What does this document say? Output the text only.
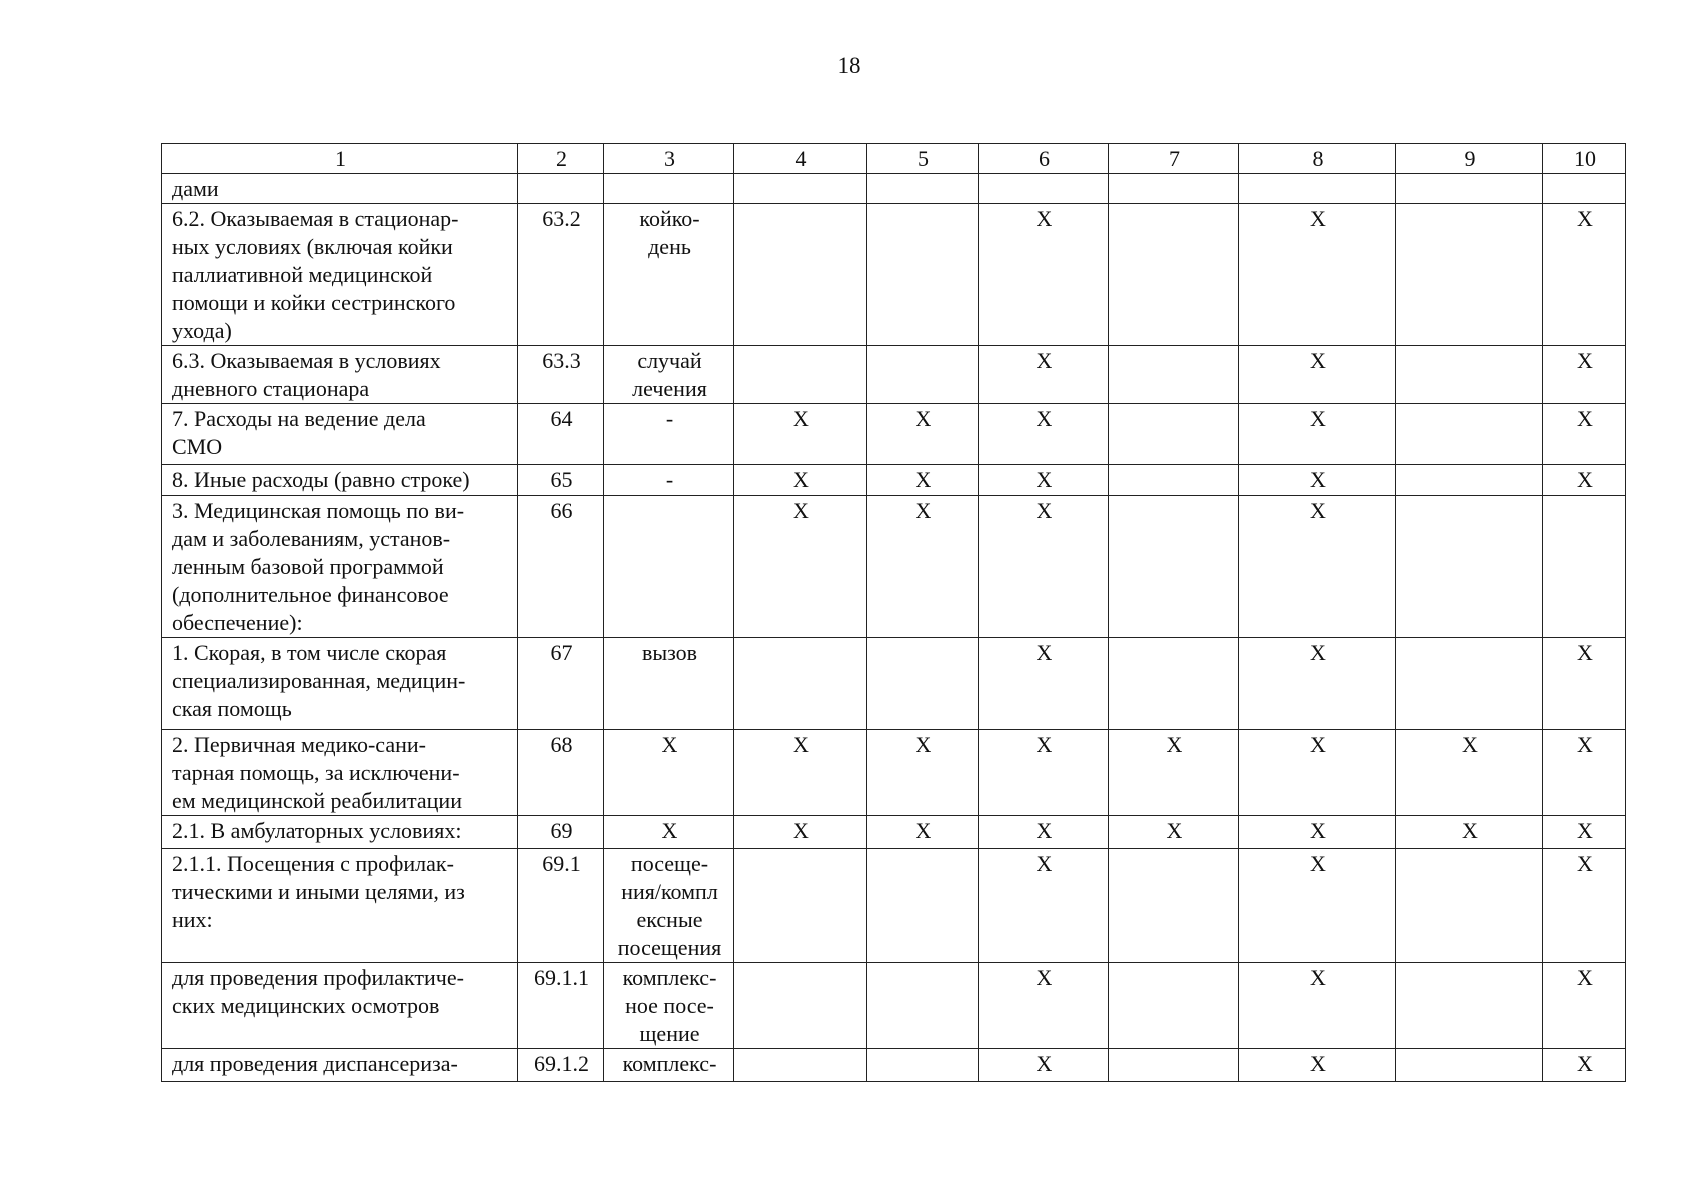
18
1	2	3	4	5	6	7	8	9	10

дами									

6.2. Оказываемая в стационар-
ных условиях (включая койки
паллиативной медицинской
помощи и койки сестринского
ухода)	63.2	койко-
день			X		X		X

6.3. Оказываемая в условиях
дневного стационара	63.3	случай
лечения			X		X		X

7. Расходы на ведение дела
СМО	64	-	X	X	X		X		X

8. Иные расходы (равно строке)	65	-	X	X	X		X		X

3. Медицинская помощь по ви-
дам и заболеваниям, установ-
ленным базовой программой
(дополнительное финансовое
обеспечение):	66		X	X	X		X		

1. Скорая, в том числе скорая
специализированная, медицин-
ская помощь	67	вызов			X		X		X

2. Первичная медико-сани-
тарная помощь, за исключени-
ем медицинской реабилитации	68	X	X	X	X	X	X	X	X

2.1. В амбулаторных условиях:	69	X	X	X	X	X	X	X	X

2.1.1. Посещения с профилак-
тическими и иными целями, из
них:	69.1	посеще-
ния/компл
ексные
посещения			X		X		X

для проведения профилактиче-
ских медицинских осмотров	69.1.1	комплекс-
ное посе-
щение			X		X		X

для проведения диспансериза-	69.1.2	комплекс-			X		X		X
